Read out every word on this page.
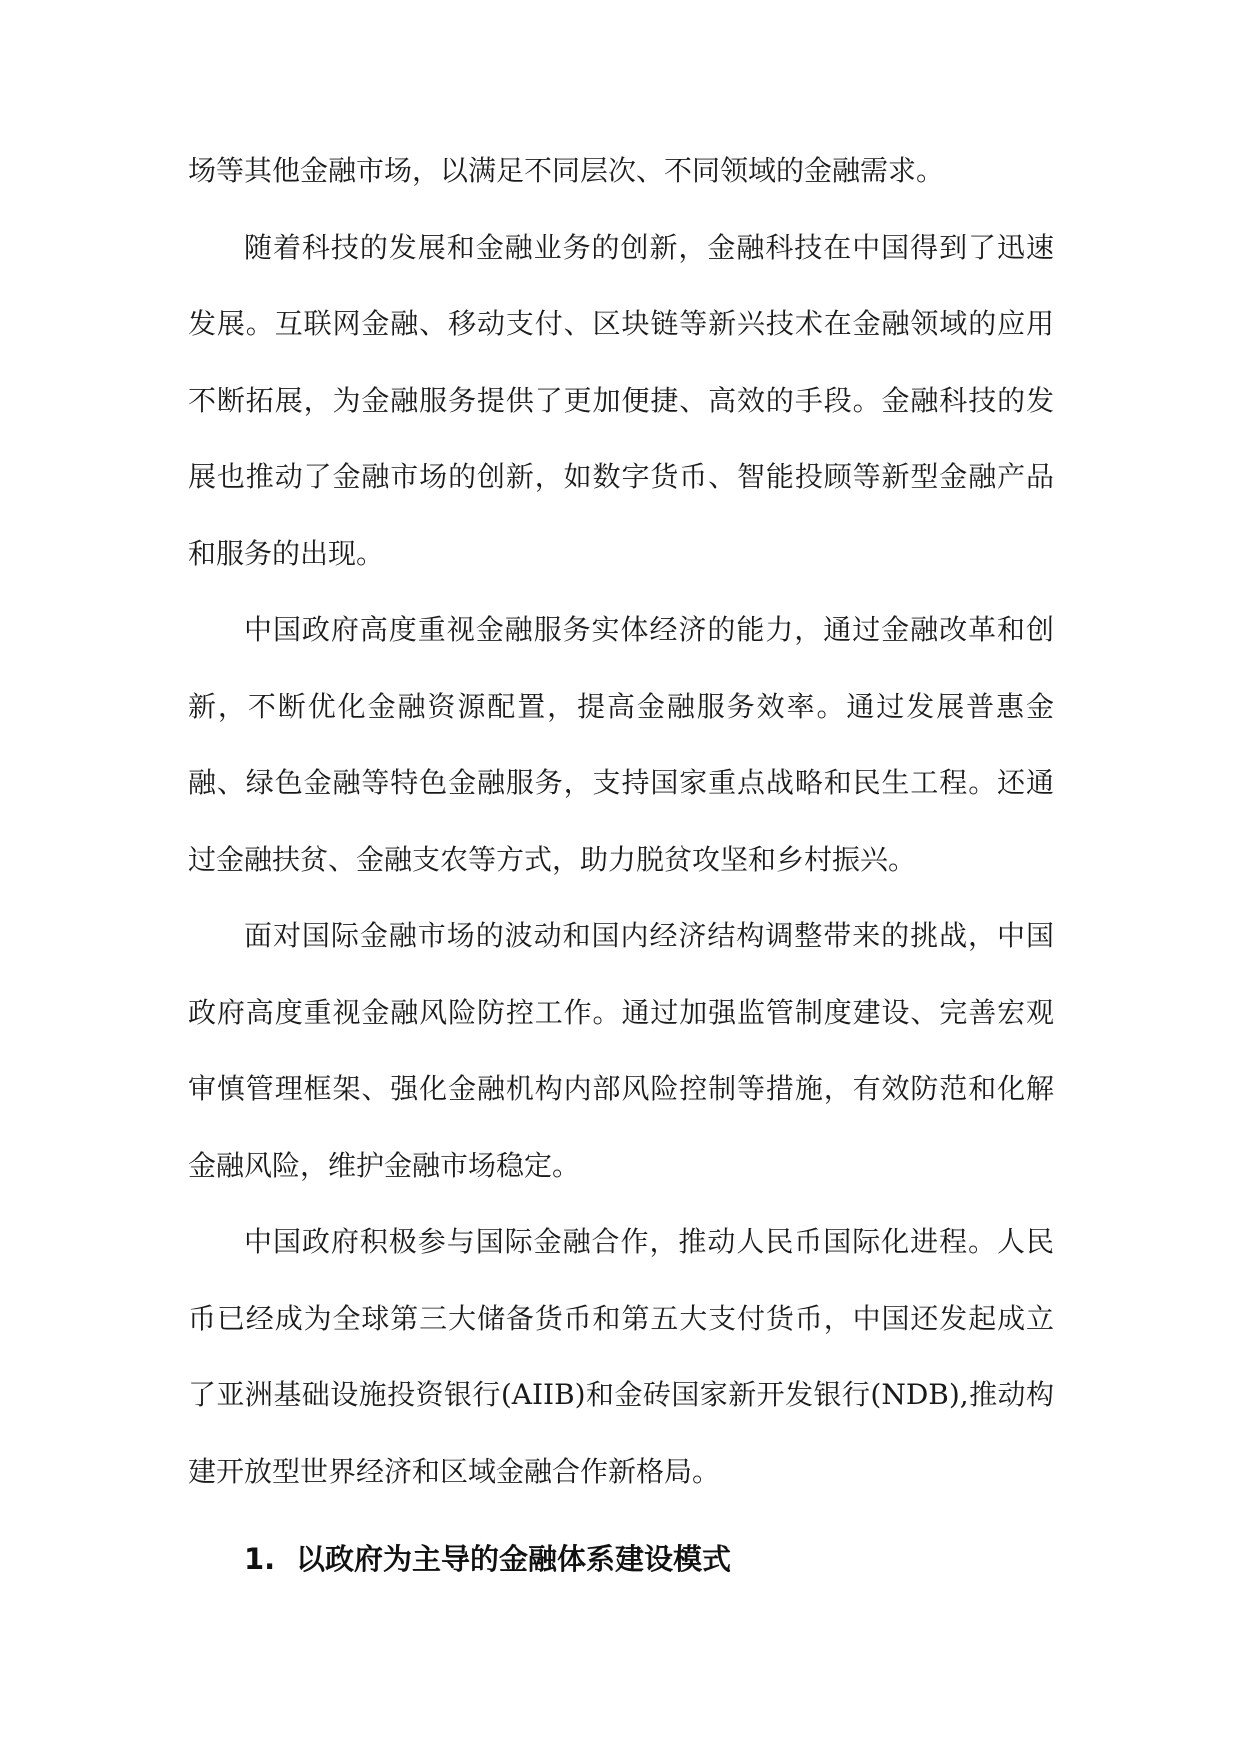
场等其他金融市场，以满足不同层次、不同领域的金融需求。

随着科技的发展和金融业务的创新，金融科技在中国得到了迅速发展。互联网金融、移动支付、区块链等新兴技术在金融领域的应用不断拓展，为金融服务提供了更加便捷、高效的手段。金融科技的发展也推动了金融市场的创新，如数字货币、智能投顾等新型金融产品和服务的出现。

中国政府高度重视金融服务实体经济的能力，通过金融改革和创新，不断优化金融资源配置，提高金融服务效率。通过发展普惠金融、绿色金融等特色金融服务，支持国家重点战略和民生工程。还通过金融扶贫、金融支农等方式，助力脱贫攻坚和乡村振兴。

面对国际金融市场的波动和国内经济结构调整带来的挑战，中国政府高度重视金融风险防控工作。通过加强监管制度建设、完善宏观审慎管理框架、强化金融机构内部风险控制等措施，有效防范和化解金融风险，维护金融市场稳定。

中国政府积极参与国际金融合作，推动人民币国际化进程。人民币已经成为全球第三大储备货币和第五大支付货币，中国还发起成立了亚洲基础设施投资银行(AIIB)和金砖国家新开发银行(NDB),推动构建开放型世界经济和区域金融合作新格局。

1. 以政府为主导的金融体系建设模式
